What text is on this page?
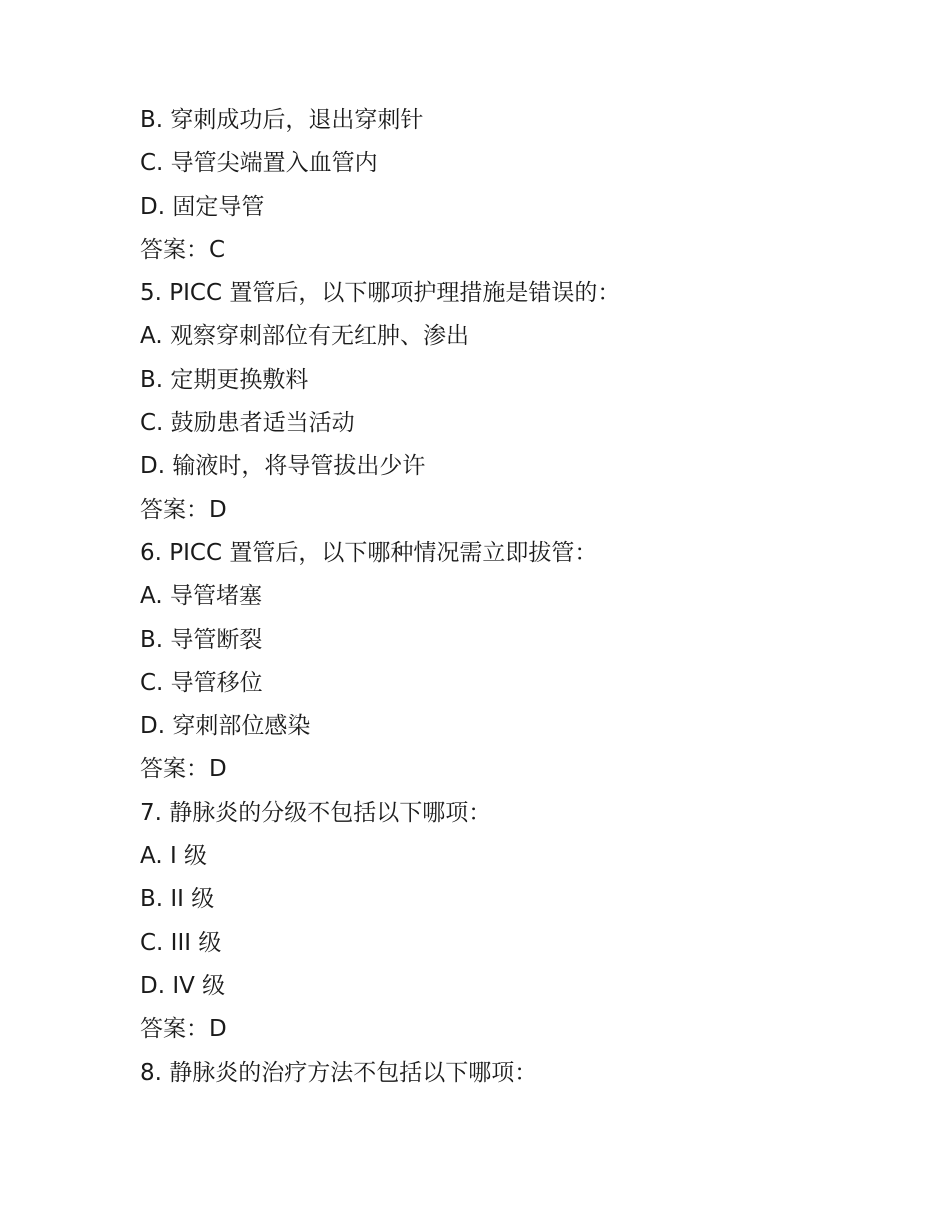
B. 穿刺成功后，退出穿刺针
C. 导管尖端置入血管内
D. 固定导管
答案：C
5. PICC 置管后，以下哪项护理措施是错误的：
A. 观察穿刺部位有无红肿、渗出
B. 定期更换敷料
C. 鼓励患者适当活动
D. 输液时，将导管拔出少许
答案：D
6. PICC 置管后，以下哪种情况需立即拔管：
A. 导管堵塞
B. 导管断裂
C. 导管移位
D. 穿刺部位感染
答案：D
7. 静脉炎的分级不包括以下哪项：
A. I 级
B. II 级
C. III 级
D. IV 级
答案：D
8. 静脉炎的治疗方法不包括以下哪项：
